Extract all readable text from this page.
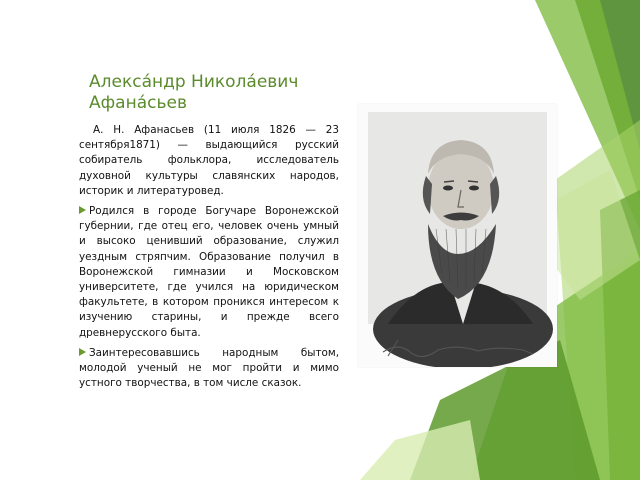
Алекса́ндр Никола́евич
Афана́сьев

А. Н. Афанасьев (11 июля 1826 — 23 сентября1871) — выдающийся русский собиратель фольклора, исследователь духовной культуры славянских народов, историк и литературовед.

Родился в городе Богучаре Воронежской губернии, где отец его, человек очень умный и высоко ценивший образование, служил уездным стряпчим. Образование получил в Воронежской гимназии и Московском университете, где учился на юридическом факультете, в котором проникся интересом к изучению старины, и прежде всего древнерусского быта.

Заинтересовавшись народным бытом, молодой ученый не мог пройти и мимо устного творчества, в том числе сказок.
